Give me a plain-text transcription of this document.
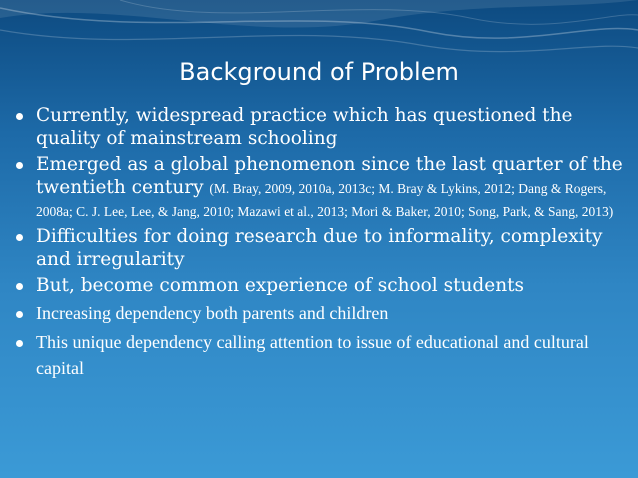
Background of Problem
Currently, widespread practice which has questioned the quality of mainstream schooling
Emerged as a global phenomenon since the last quarter of the twentieth century (M. Bray, 2009, 2010a, 2013c; M. Bray & Lykins, 2012; Dang & Rogers, 2008a; C. J. Lee, Lee, & Jang, 2010; Mazawi et al., 2013; Mori & Baker, 2010; Song, Park, & Sang, 2013)
Difficulties for doing research due to informality, complexity and irregularity
But, become common experience of school students
Increasing dependency both parents and children
This unique dependency calling attention to issue of educational and cultural capital
